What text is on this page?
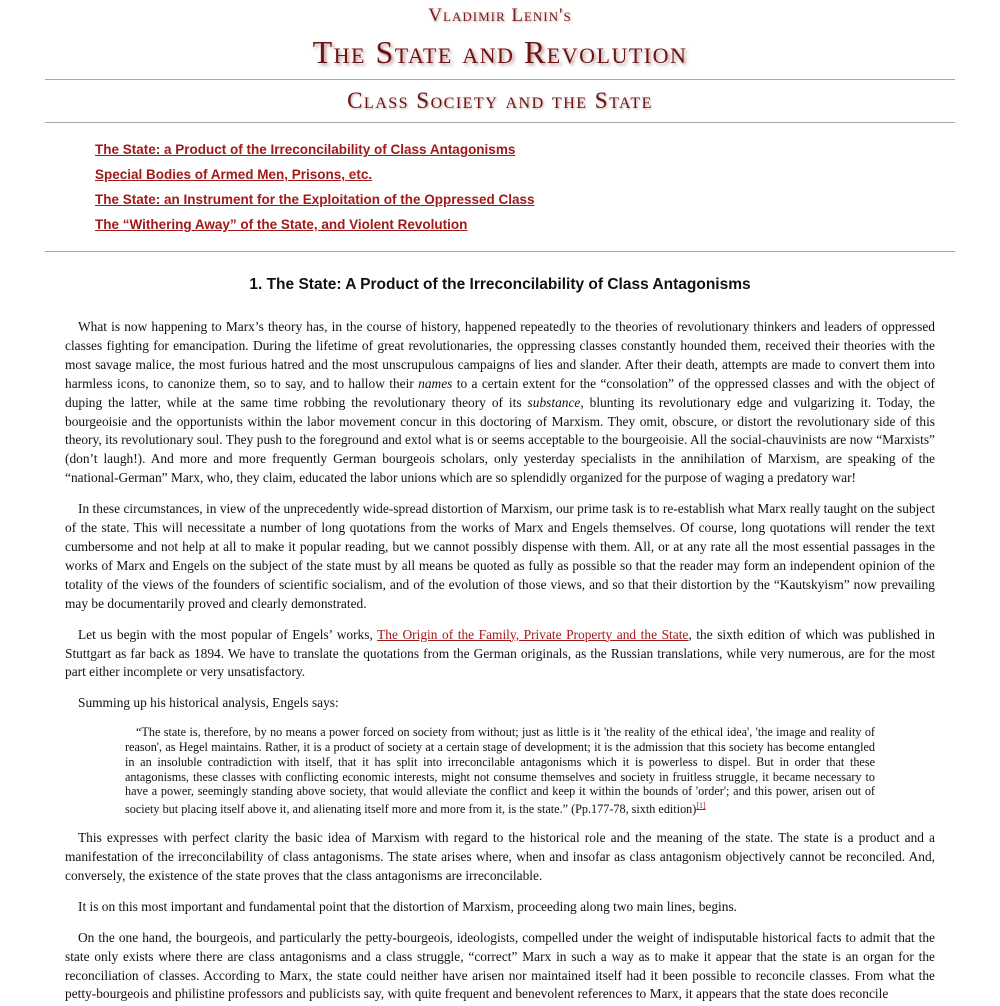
Vladimir Lenin's
The State and Revolution
Class Society and the State
The State: a Product of the Irreconcilability of Class Antagonisms
Special Bodies of Armed Men, Prisons, etc.
The State: an Instrument for the Exploitation of the Oppressed Class
The “Withering Away” of the State, and Violent Revolution
1. The State: A Product of the Irreconcilability of Class Antagonisms

What is now happening to Marx’s theory has, in the course of history, happened repeatedly to the theories of revolutionary thinkers and leaders of oppressed classes fighting for emancipation. During the lifetime of great revolutionaries, the oppressing classes constantly hounded them, received their theories with the most savage malice, the most furious hatred and the most unscrupulous campaigns of lies and slander. After their death, attempts are made to convert them into harmless icons, to canonize them, so to say, and to hallow their names to a certain extent for the “consolation” of the oppressed classes and with the object of duping the latter, while at the same time robbing the revolutionary theory of its substance, blunting its revolutionary edge and vulgarizing it. Today, the bourgeoisie and the opportunists within the labor movement concur in this doctoring of Marxism. They omit, obscure, or distort the revolutionary side of this theory, its revolutionary soul. They push to the foreground and extol what is or seems acceptable to the bourgeoisie. All the social-chauvinists are now “Marxists” (don’t laugh!). And more and more frequently German bourgeois scholars, only yesterday specialists in the annihilation of Marxism, are speaking of the “national-German” Marx, who, they claim, educated the labor unions which are so splendidly organized for the purpose of waging a predatory war!

In these circumstances, in view of the unprecedently wide-spread distortion of Marxism, our prime task is to re-establish what Marx really taught on the subject of the state. This will necessitate a number of long quotations from the works of Marx and Engels themselves. Of course, long quotations will render the text cumbersome and not help at all to make it popular reading, but we cannot possibly dispense with them. All, or at any rate all the most essential passages in the works of Marx and Engels on the subject of the state must by all means be quoted as fully as possible so that the reader may form an independent opinion of the totality of the views of the founders of scientific socialism, and of the evolution of those views, and so that their distortion by the “Kautskyism” now prevailing may be documentarily proved and clearly demonstrated.

Let us begin with the most popular of Engels’ works, The Origin of the Family, Private Property and the State, the sixth edition of which was published in Stuttgart as far back as 1894. We have to translate the quotations from the German originals, as the Russian translations, while very numerous, are for the most part either incomplete or very unsatisfactory.

Summing up his historical analysis, Engels says:

“The state is, therefore, by no means a power forced on society from without; just as little is it 'the reality of the ethical idea', 'the image and reality of reason', as Hegel maintains. Rather, it is a product of society at a certain stage of development; it is the admission that this society has become entangled in an insoluble contradiction with itself, that it has split into irreconcilable antagonisms which it is powerless to dispel. But in order that these antagonisms, these classes with conflicting economic interests, might not consume themselves and society in fruitless struggle, it became necessary to have a power, seemingly standing above society, that would alleviate the conflict and keep it within the bounds of 'order'; and this power, arisen out of society but placing itself above it, and alienating itself more and more from it, is the state.” (Pp.177-78, sixth edition)[1]

This expresses with perfect clarity the basic idea of Marxism with regard to the historical role and the meaning of the state. The state is a product and a manifestation of the irreconcilability of class antagonisms. The state arises where, when and insofar as class antagonism objectively cannot be reconciled. And, conversely, the existence of the state proves that the class antagonisms are irreconcilable.

It is on this most important and fundamental point that the distortion of Marxism, proceeding along two main lines, begins.

On the one hand, the bourgeois, and particularly the petty-bourgeois, ideologists, compelled under the weight of indisputable historical facts to admit that the state only exists where there are class antagonisms and a class struggle, “correct” Marx in such a way as to make it appear that the state is an organ for the reconciliation of classes. According to Marx, the state could neither have arisen nor maintained itself had it been possible to reconcile classes. From what the petty-bourgeois and philistine professors and publicists say, with quite frequent and benevolent references to Marx, it appears that the state does reconcile
